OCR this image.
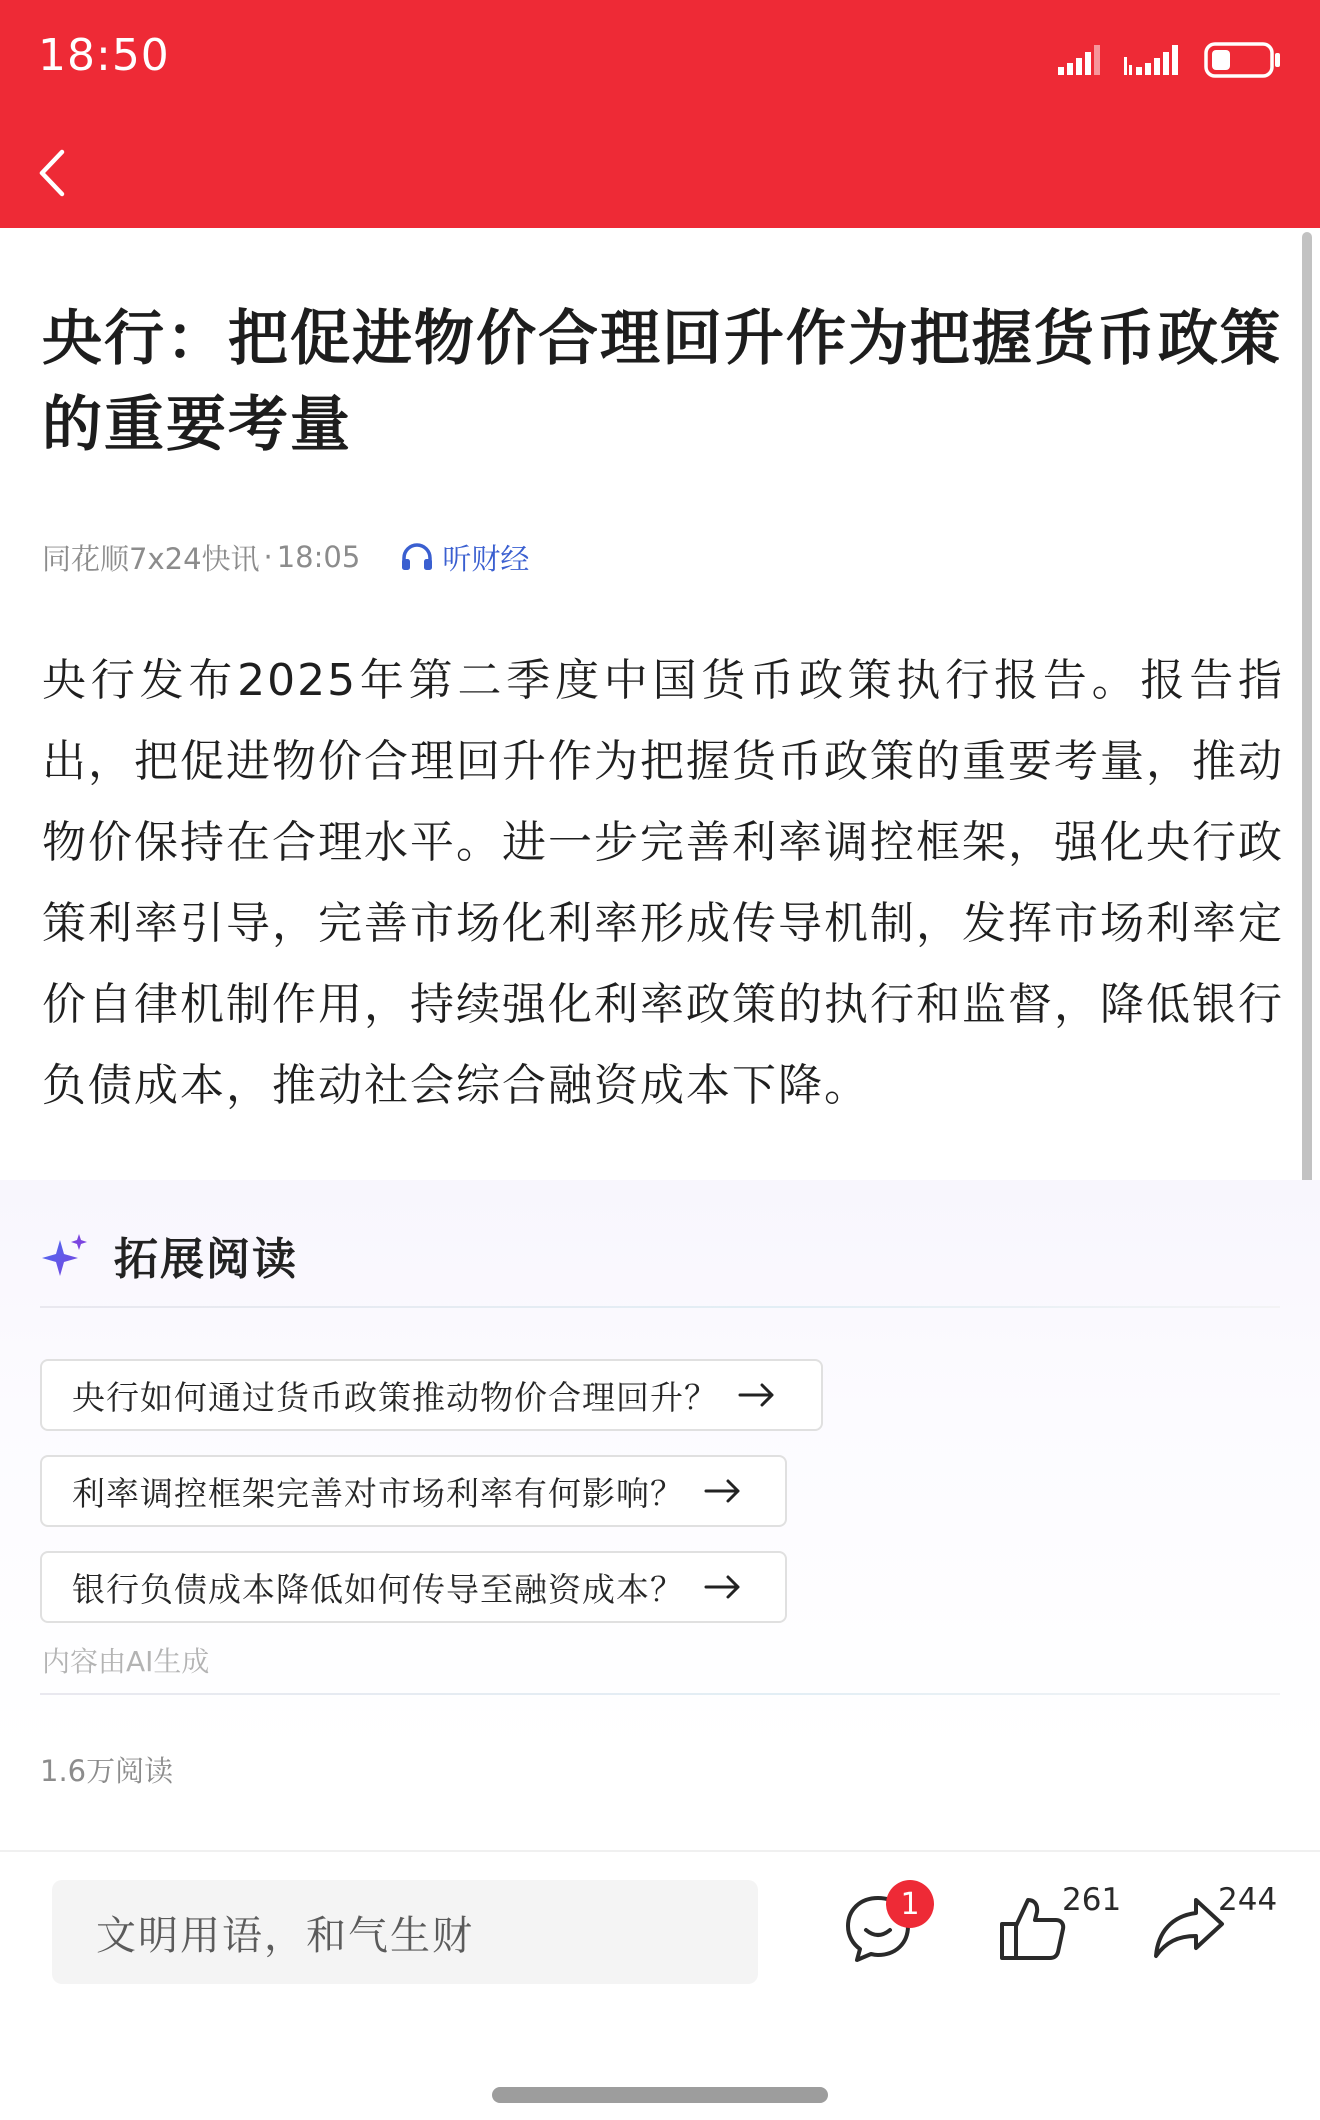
18:50
央行：把促进物价合理回升作为把握货币政策的重要考量
同花顺7x24快讯 · 18:05	听财经

央行发布2025年第二季度中国货币政策执行报告。报告指出，把促进物价合理回升作为把握货币政策的重要考量，推动物价保持在合理水平。进一步完善利率调控框架，强化央行政策利率引导，完善市场化利率形成传导机制，发挥市场利率定价自律机制作用，持续强化利率政策的执行和监督，降低银行负债成本，推动社会综合融资成本下降。

拓展阅读
央行如何通过货币政策推动物价合理回升？
利率调控框架完善对市场利率有何影响？
银行负债成本降低如何传导至融资成本？
内容由AI生成
1.6万阅读
文明用语，和气生财
1	261	244
